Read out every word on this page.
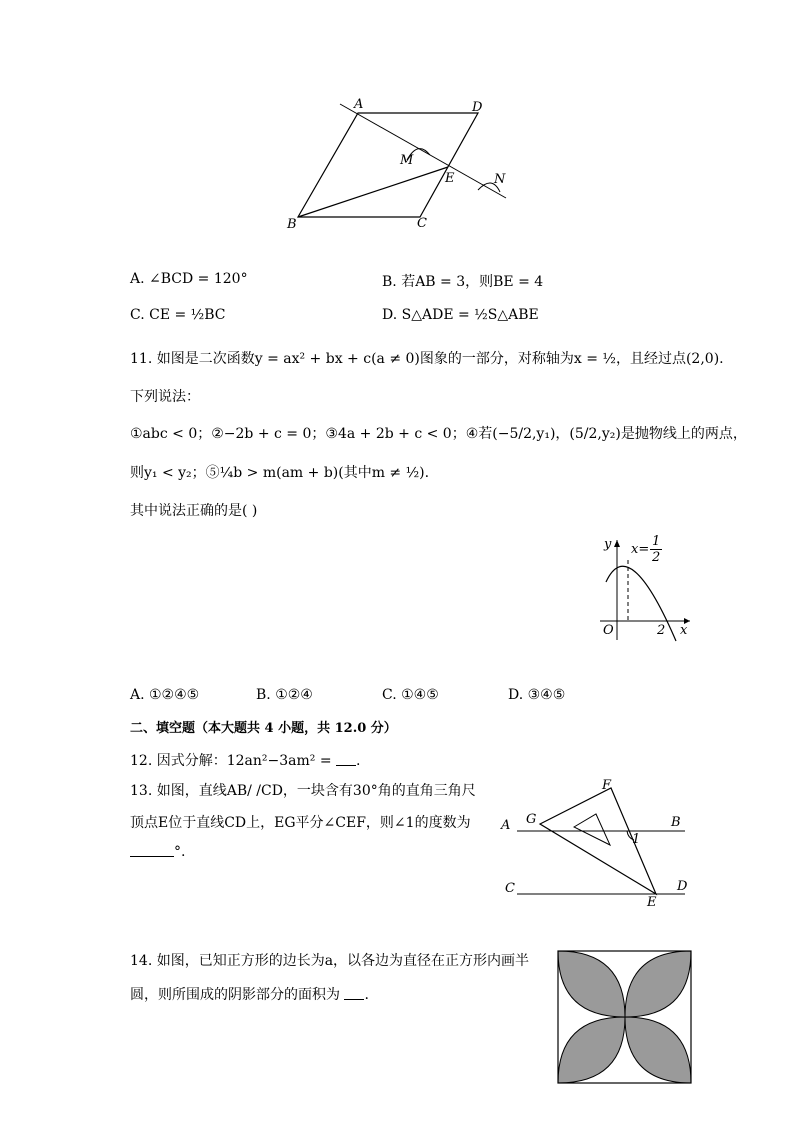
A	D
M
E	N
B	C
A. ∠BCD = 120°	B. 若AB = 3，则BE = 4
C. CE = ½BC	D. S△ADE = ½S△ABE
11. 如图是二次函数y = ax² + bx + c(a ≠ 0)图象的一部分，对称轴为x = ½，且经过点(2,0).
下列说法：
①abc < 0；②−2b + c = 0；③4a + 2b + c < 0；④若(−5/2,y₁)，(5/2,y₂)是抛物线上的两点，
则y₁ < y₂；⑤¼b > m(am + b)(其中m ≠ ½).
其中说法正确的是( )
y x=
1
2
O	2 x
A. ①②④⑤	B. ①②④	C. ①④⑤	D. ③④⑤
二、填空题（本大题共 4 小题，共 12.0 分）
12. 因式分解：12an²−3am² = .
13. 如图，直线AB/ /CD，一块含有30°角的直角三角尺
顶点E位于直线CD上，EG平分∠CEF，则∠1的度数为
°.
A G
F
B
1
C	D
E
14. 如图，已知正方形的边长为a，以各边为直径在正方形内画半
圆，则所围成的阴影部分的面积为 .
